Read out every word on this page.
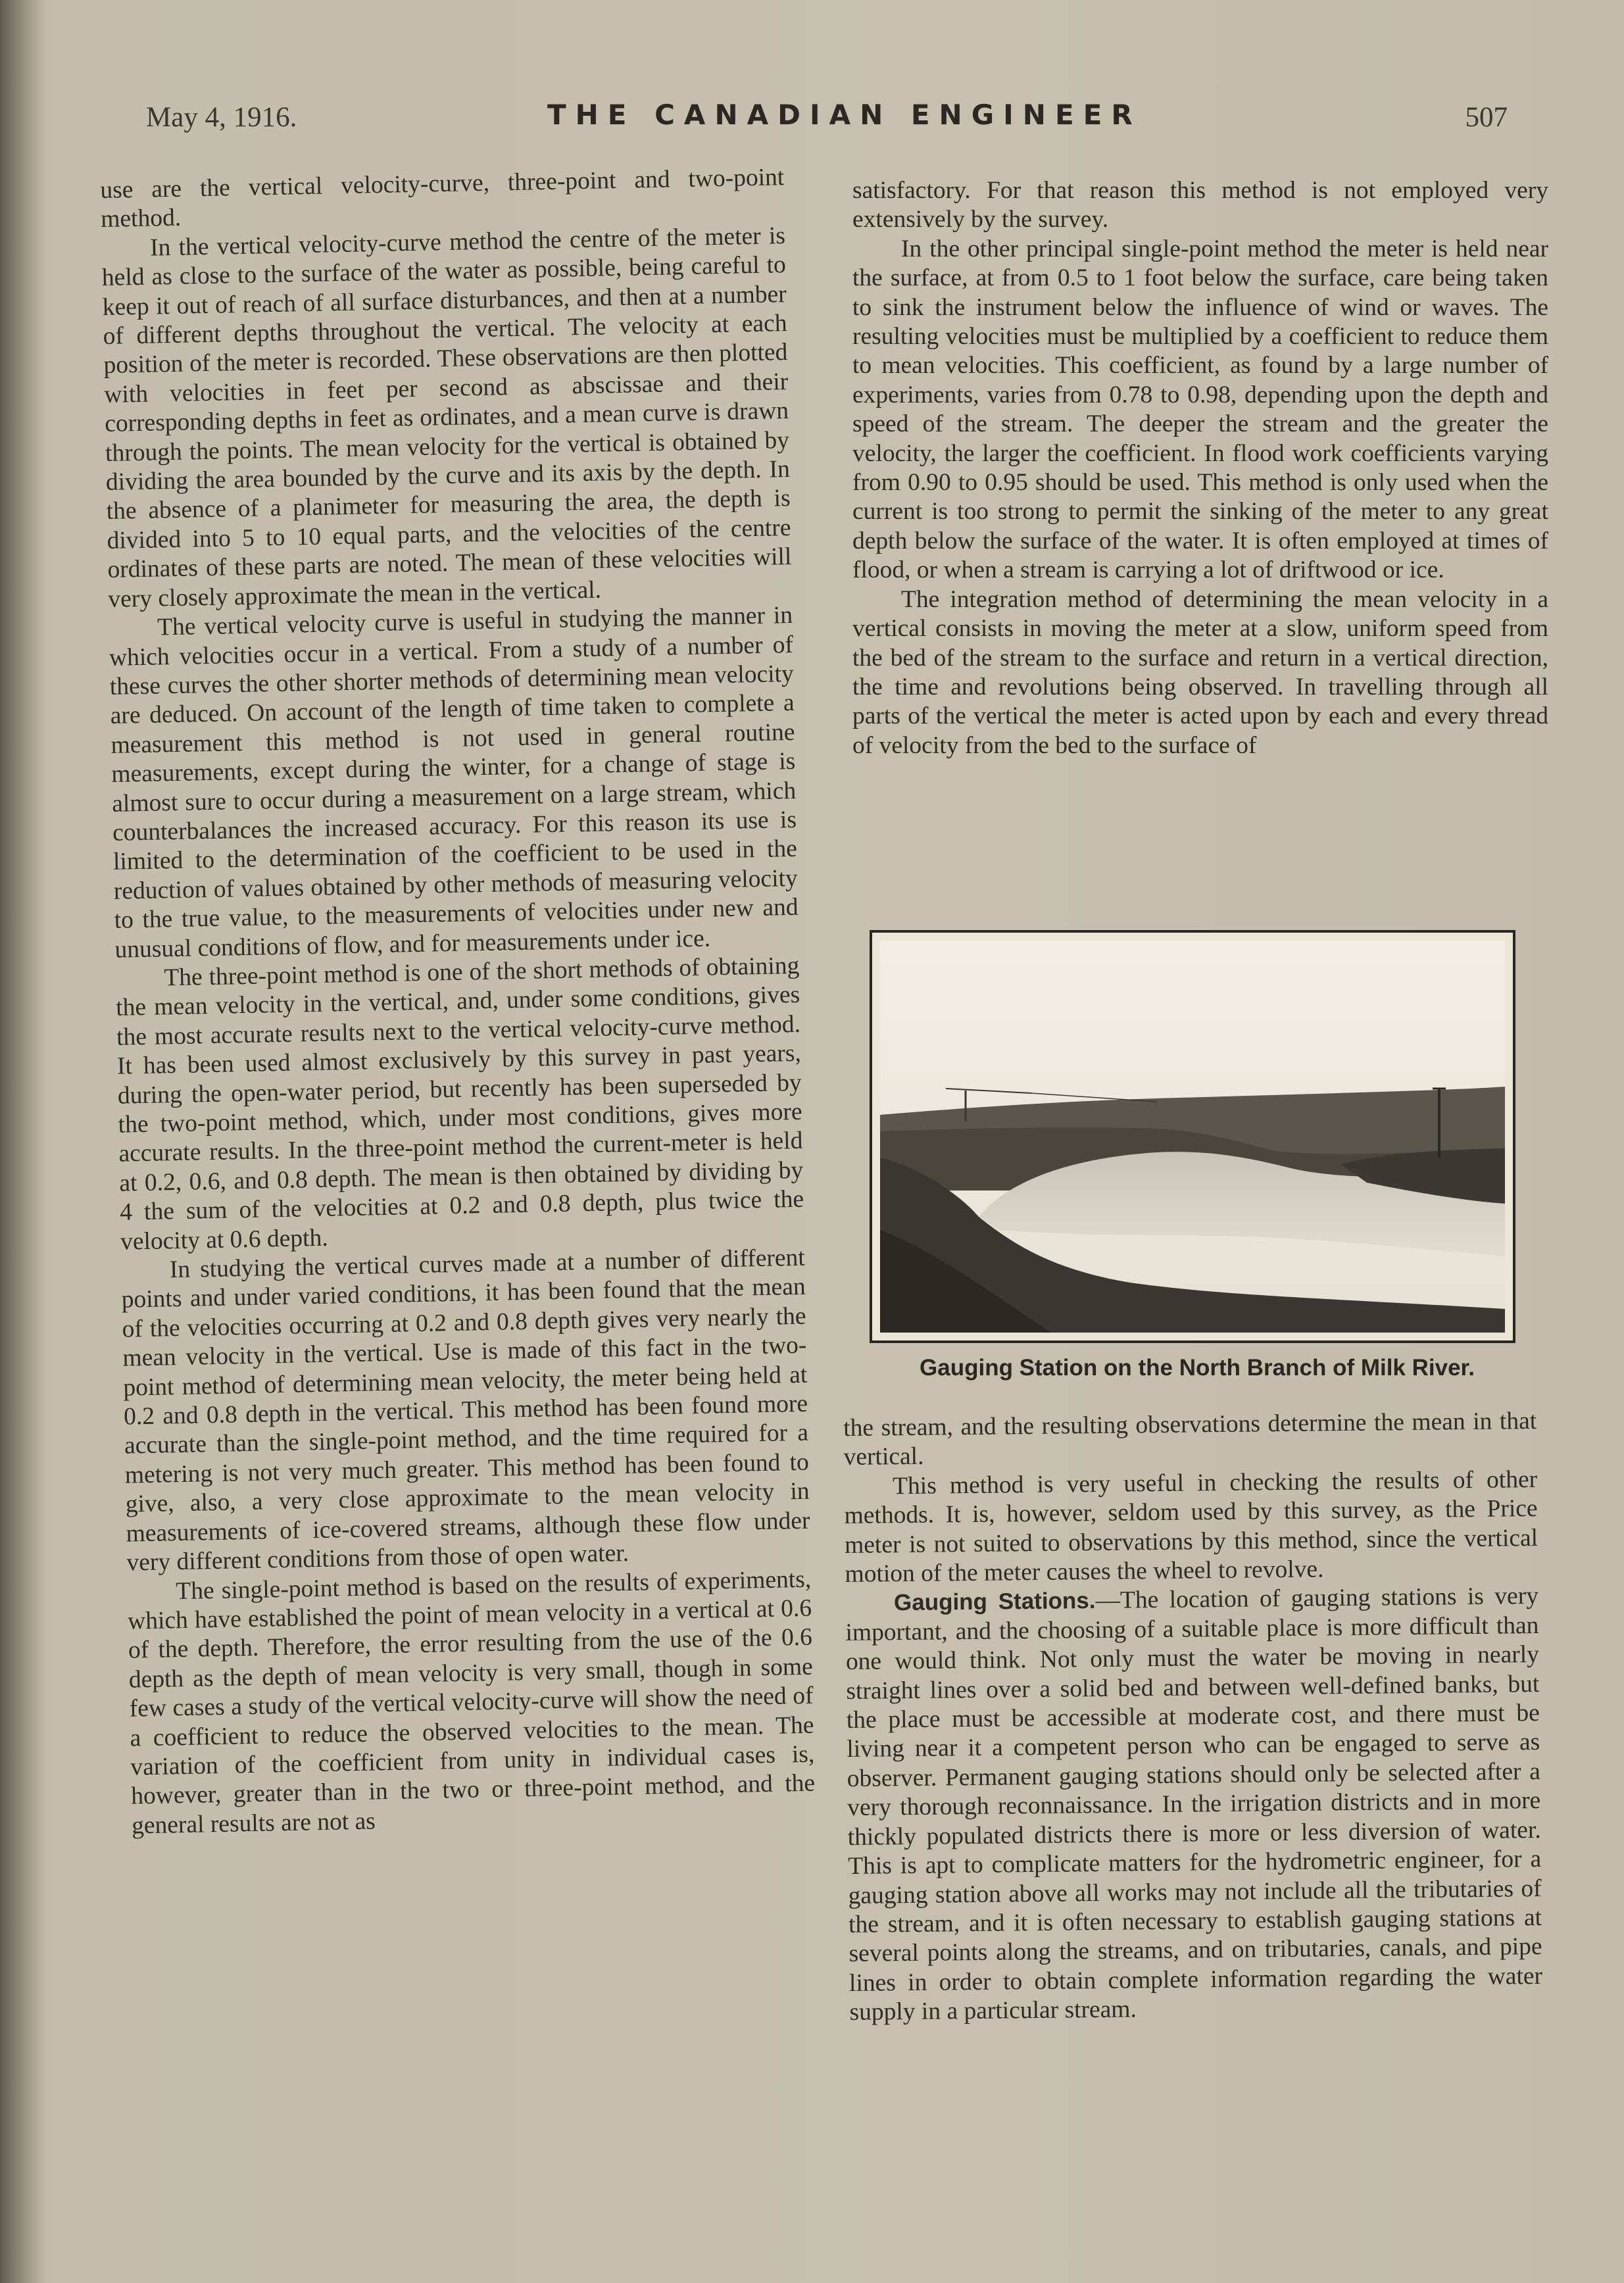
May 4, 1916.	THE CANADIAN ENGINEER	507

use are the vertical velocity-curve, three-point and two-point method.

In the vertical velocity-curve method the centre of the meter is held as close to the surface of the water as possible, being careful to keep it out of reach of all surface disturbances, and then at a number of different depths throughout the vertical. The velocity at each position of the meter is recorded. These observations are then plotted with velocities in feet per second as abscissae and their corresponding depths in feet as ordinates, and a mean curve is drawn through the points. The mean velocity for the vertical is obtained by dividing the area bounded by the curve and its axis by the depth. In the absence of a planimeter for measuring the area, the depth is divided into 5 to 10 equal parts, and the velocities of the centre ordinates of these parts are noted. The mean of these velocities will very closely approximate the mean in the vertical.

The vertical velocity curve is useful in studying the manner in which velocities occur in a vertical. From a study of a number of these curves the other shorter methods of determining mean velocity are deduced. On account of the length of time taken to complete a measurement this method is not used in general routine measurements, except during the winter, for a change of stage is almost sure to occur during a measurement on a large stream, which counterbalances the increased accuracy. For this reason its use is limited to the determination of the coefficient to be used in the reduction of values obtained by other methods of measuring velocity to the true value, to the measurements of velocities under new and unusual conditions of flow, and for measurements under ice.

The three-point method is one of the short methods of obtaining the mean velocity in the vertical, and, under some conditions, gives the most accurate results next to the vertical velocity-curve method. It has been used almost exclusively by this survey in past years, during the open-water period, but recently has been superseded by the two-point method, which, under most conditions, gives more accurate results. In the three-point method the current-meter is held at 0.2, 0.6, and 0.8 depth. The mean is then obtained by dividing by 4 the sum of the velocities at 0.2 and 0.8 depth, plus twice the velocity at 0.6 depth.

In studying the vertical curves made at a number of different points and under varied conditions, it has been found that the mean of the velocities occurring at 0.2 and 0.8 depth gives very nearly the mean velocity in the vertical. Use is made of this fact in the two-point method of determining mean velocity, the meter being held at 0.2 and 0.8 depth in the vertical. This method has been found more accurate than the single-point method, and the time required for a metering is not very much greater. This method has been found to give, also, a very close approximate to the mean velocity in measurements of ice-covered streams, although these flow under very different conditions from those of open water.

The single-point method is based on the results of experiments, which have established the point of mean velocity in a vertical at 0.6 of the depth. Therefore, the error resulting from the use of the 0.6 depth as the depth of mean velocity is very small, though in some few cases a study of the vertical velocity-curve will show the need of a coefficient to reduce the observed velocities to the mean. The variation of the coefficient from unity in individual cases is, however, greater than in the two or three-point method, and the general results are not as

satisfactory. For that reason this method is not employed very extensively by the survey.

In the other principal single-point method the meter is held near the surface, at from 0.5 to 1 foot below the surface, care being taken to sink the instrument below the influence of wind or waves. The resulting velocities must be multiplied by a coefficient to reduce them to mean velocities. This coefficient, as found by a large number of experiments, varies from 0.78 to 0.98, depending upon the depth and speed of the stream. The deeper the stream and the greater the velocity, the larger the coefficient. In flood work coefficients varying from 0.90 to 0.95 should be used. This method is only used when the current is too strong to permit the sinking of the meter to any great depth below the surface of the water. It is often employed at times of flood, or when a stream is carrying a lot of driftwood or ice.

The integration method of determining the mean velocity in a vertical consists in moving the meter at a slow, uniform speed from the bed of the stream to the surface and return in a vertical direction, the time and revolutions being observed. In travelling through all parts of the vertical the meter is acted upon by each and every thread of velocity from the bed to the surface of

Gauging Station on the North Branch of Milk River.

the stream, and the resulting observations determine the mean in that vertical.

This method is very useful in checking the results of other methods. It is, however, seldom used by this survey, as the Price meter is not suited to observations by this method, since the vertical motion of the meter causes the wheel to revolve.

Gauging Stations.—The location of gauging stations is very important, and the choosing of a suitable place is more difficult than one would think. Not only must the water be moving in nearly straight lines over a solid bed and between well-defined banks, but the place must be accessible at moderate cost, and there must be living near it a competent person who can be engaged to serve as observer. Permanent gauging stations should only be selected after a very thorough reconnaissance. In the irrigation districts and in more thickly populated districts there is more or less diversion of water. This is apt to complicate matters for the hydrometric engineer, for a gauging station above all works may not include all the tributaries of the stream, and it is often necessary to establish gauging stations at several points along the streams, and on tributaries, canals, and pipe lines in order to obtain complete information regarding the water supply in a particular stream.
